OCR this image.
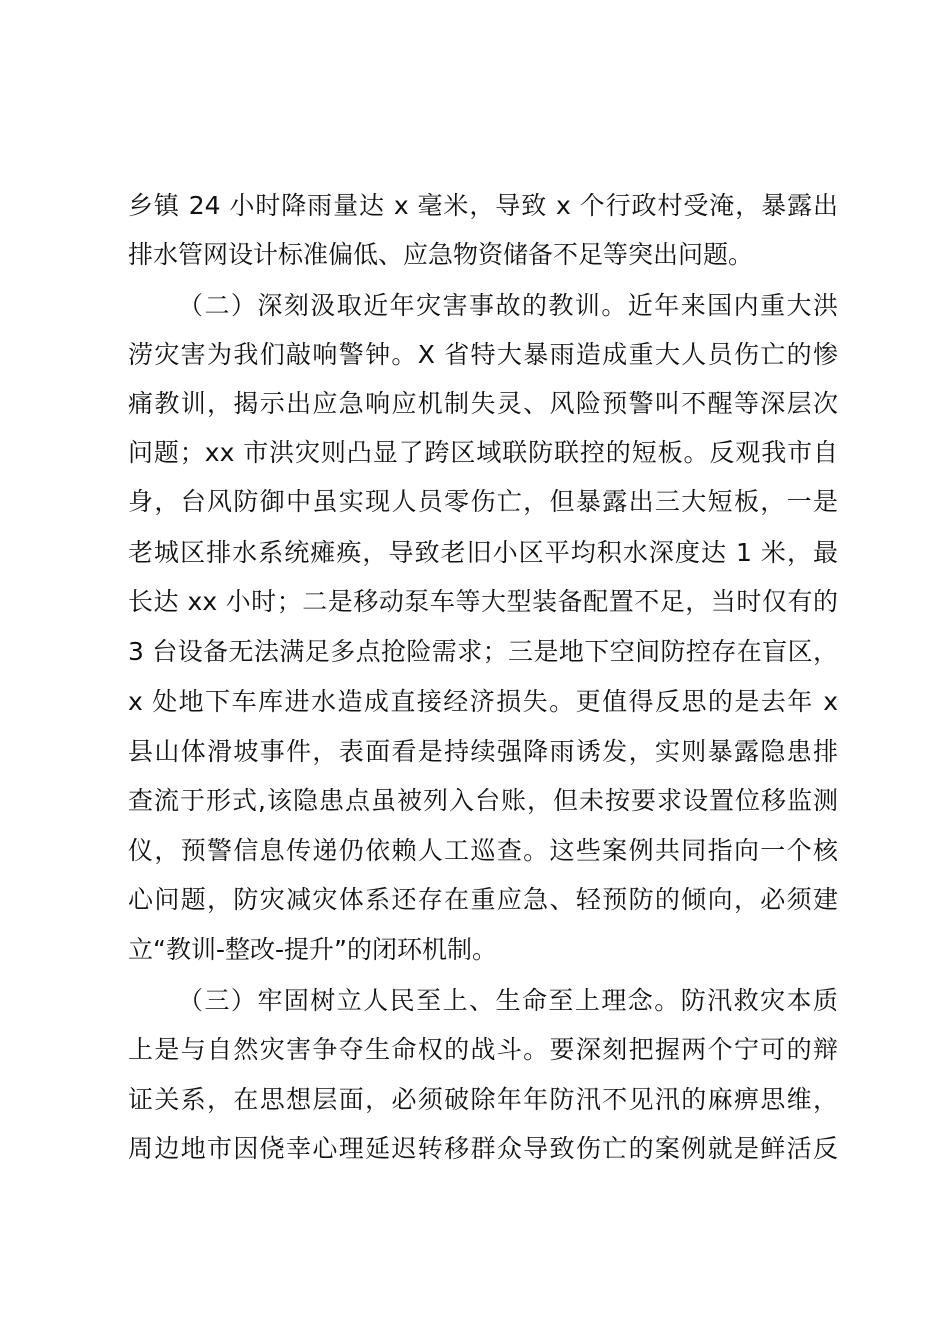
乡镇 24 小时降雨量达 x 毫米，导致 x 个行政村受淹，暴露出
排水管网设计标准偏低、应急物资储备不足等突出问题。
（二）深刻汲取近年灾害事故的教训。近年来国内重大洪
涝灾害为我们敲响警钟。X 省特大暴雨造成重大人员伤亡的惨
痛教训，揭示出应急响应机制失灵、风险预警叫不醒等深层次
问题；xx 市洪灾则凸显了跨区域联防联控的短板。反观我市自
身，台风防御中虽实现人员零伤亡，但暴露出三大短板，一是
老城区排水系统瘫痪，导致老旧小区平均积水深度达 1 米，最
长达 xx 小时；二是移动泵车等大型装备配置不足，当时仅有的
3 台设备无法满足多点抢险需求；三是地下空间防控存在盲区，
x 处地下车库进水造成直接经济损失。更值得反思的是去年 x
县山体滑坡事件，表面看是持续强降雨诱发，实则暴露隐患排
查流于形式,该隐患点虽被列入台账，但未按要求设置位移监测
仪，预警信息传递仍依赖人工巡查。这些案例共同指向一个核
心问题，防灾减灾体系还存在重应急、轻预防的倾向，必须建
立“教训-整改-提升”的闭环机制。
（三）牢固树立人民至上、生命至上理念。防汛救灾本质
上是与自然灾害争夺生命权的战斗。要深刻把握两个宁可的辩
证关系，在思想层面，必须破除年年防汛不见汛的麻痹思维，
周边地市因侥幸心理延迟转移群众导致伤亡的案例就是鲜活反
